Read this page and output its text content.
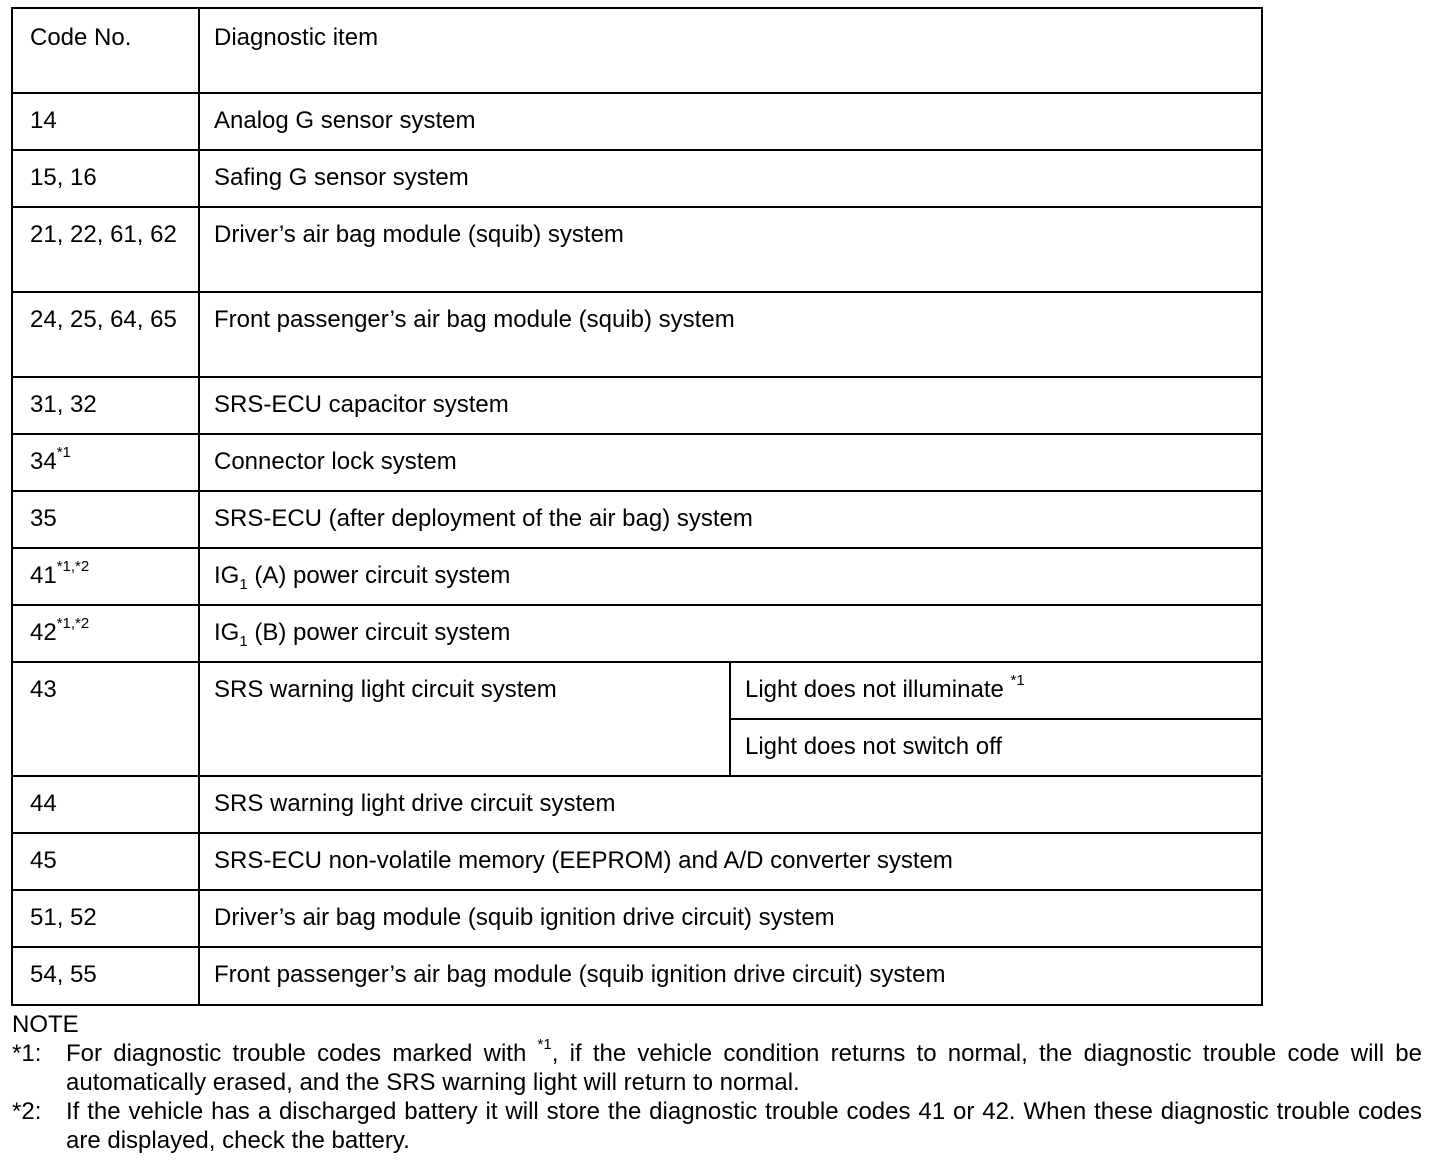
Code No.	Diagnostic item	
14	Analog G sensor system	
15, 16	Safing G sensor system	
21, 22, 61, 62	Driver’s air bag module (squib) system	
24, 25, 64, 65	Front passenger’s air bag module (squib) system	
31, 32	SRS-ECU capacitor system	
34$^{*1}$	Connector lock system	
35	SRS-ECU (after deployment of the air bag) system	
$41^{*1,*2}$	$IG_1$ (A) power circuit system	
$42^{*1,*2}$	$IG_1$ (B) power circuit system	
43	SRS warning light circuit system	Light does not illuminate $^{*1}$
		Light does not switch off
44	SRS warning light drive circuit system	
45	SRS-ECU non-volatile memory (EEPROM) and A/D converter system	
51, 52	Driver’s air bag module (squib ignition drive circuit) system	
54, 55	Front passenger’s air bag module (squib ignition drive circuit) system	

NOTE

*1:	For diagnostic trouble codes marked with $^{*1}$, if the vehicle condition returns to normal, the diagnostic trouble code will be automatically erased, and the SRS warning light will return to normal.
*2:	If the vehicle has a discharged battery it will store the diagnostic trouble codes 41 or 42. When these diagnostic trouble codes are displayed, check the battery.
